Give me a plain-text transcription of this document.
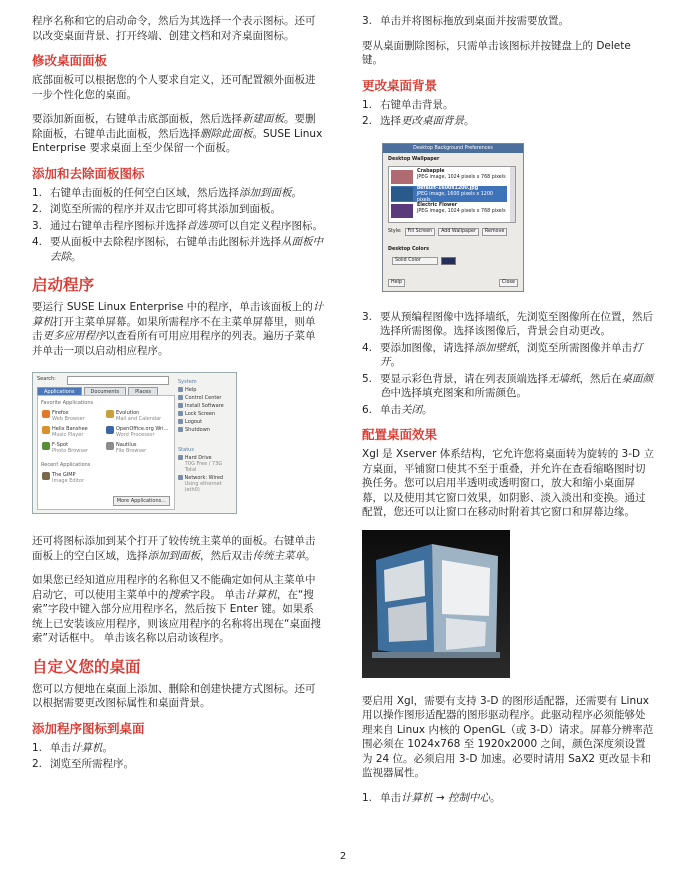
程序名称和它的启动命令，然后为其选择一个表示图标。还可以改变桌面背景、打开终端、创建文档和对齐桌面图标。

修改桌面面板

底部面板可以根据您的个人要求自定义，还可配置额外面板进一步个性化您的桌面。

要添加新面板，右键单击底部面板，然后选择新建面板。要删除面板，右键单击此面板，然后选择删除此面板。SUSE Linux Enterprise 要求桌面上至少保留一个面板。

添加和去除面板图标
1. 右键单击面板的任何空白区域，然后选择添加到面板。
2. 浏览至所需的程序并双击它即可将其添加到面板。
3. 通过右键单击程序图标并选择首选项可以自定义程序图标。
4. 要从面板中去除程序图标，右键单击此图标并选择从面板中去除。
启动程序

要运行 SUSE Linux Enterprise 中的程序，单击该面板上的计算机打开主菜单屏幕。如果所需程序不在主菜单屏幕里，则单击更多应用程序以查看所有可用应用程序的列表。遍历子菜单并单击一项以启动相应程序。

Search:
Applications	Documents	Places
Favorite Applications
Firefox
Web Browser
Evolution
Mail and Calendar
Helix Banshee
Music Player
OpenOffice.org Wri…
Word Processor
F-Spot
Photo Browser
Nautilus
File Browser
Recent Applications
The GIMP
Image Editor
More Applications...
System
Help
Control Center
Install Software
Lock Screen
Logout
Shutdown
Status
Hard Drive
70G Free / 73G Total
Network: Wired
Using ethernet (eth0)

还可将图标添加到某个打开了较传统主菜单的面板。右键单击面板上的空白区域，选择添加到面板，然后双击传统主菜单。

如果您已经知道应用程序的名称但又不能确定如何从主菜单中启动它，可以使用主菜单中的搜索字段。 单击计算机，在“搜索”字段中键入部分应用程序名，然后按下 Enter 键。如果系统上已安装该应用程序，则该应用程序的名称将出现在“桌面搜索”对话框中。 单击该名称以启动该程序。

自定义您的桌面

您可以方便地在桌面上添加、删除和创建快捷方式图标。还可以根据需要更改图标属性和桌面背景。

添加程序图标到桌面
1. 单击计算机。
2. 浏览至所需程序。
3. 单击并将图标拖放到桌面并按需要放置。

要从桌面删除图标，只需单击该图标并按键盘上的 Delete 键。

更改桌面背景
1. 右键单击背景。
2. 选择更改桌面背景。
Desktop Background Preferences
Desktop Wallpaper
Crabapple
JPEG image, 1024 pixels x 768 pixels
default-1600x1200.jpg
JPEG image, 1600 pixels x 1200 pixels
Electric Flower
JPEG image, 1024 pixels x 768 pixels
Style:	Fill Screen	Add Wallpaper	Remove
Desktop Colors
Solid Color
Help	Close
3. 要从预编程图像中选择墙纸，先浏览至图像所在位置，然后选择所需图像。选择该图像后，背景会自动更改。
4. 要添加图像，请选择添加壁纸，浏览至所需图像并单击打开。
5. 要显示彩色背景，请在列表顶端选择无墙纸，然后在桌面颜色中选择填充图案和所需颜色。
6. 单击关闭。
配置桌面效果

Xgl 是 Xserver 体系结构，它允许您将桌面转为旋转的 3-D 立方桌面，平铺窗口使其不至于重叠，并允许在查看缩略图时切换任务。您可以启用半透明或透明窗口，放大和缩小桌面屏幕，以及使用其它窗口效果，如阴影、淡入淡出和变换。通过配置，您还可以让窗口在移动时附着其它窗口和屏幕边缘。

要启用 Xgl，需要有支持 3-D 的图形适配器，还需要有 Linux 用以操作图形适配器的图形驱动程序。此驱动程序必须能够处理来自 Linux 内核的 OpenGL（或 3-D）请求。屏幕分辨率范围必须在 1024x768 至 1920x2000 之间，颜色深度须设置为 24 位。必须启用 3-D 加速。必要时请用 SaX2 更改显卡和监视器属性。

1. 单击计算机 → 控制中心。
2
